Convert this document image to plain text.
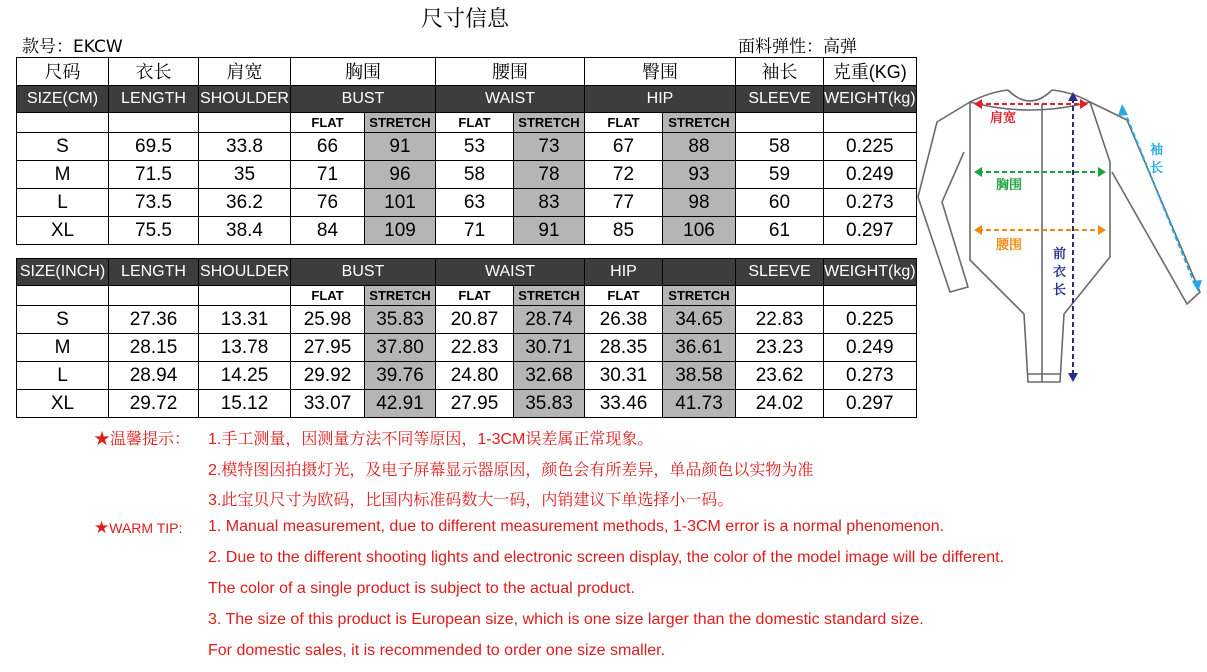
尺寸信息
款号：EKCW	面料弹性：高弹
尺码	衣长	肩宽	胸围		腰围		臀围		袖长	克重(KG)
SIZE(CM)	LENGTH	SHOULDER	BUST		WAIST		HIP		SLEEVE	WEIGHT(kg)
			FLAT	STRETCH	FLAT	STRETCH	FLAT	STRETCH		
S	69.5	33.8	66	91	53	73	67	88	58	0.225
M	71.5	35	71	96	58	78	72	93	59	0.249
L	73.5	36.2	76	101	63	83	77	98	60	0.273
XL	75.5	38.4	84	109	71	91	85	106	61	0.297
SIZE(INCH)	LENGTH	SHOULDER	BUST		WAIST		HIP		SLEEVE	WEIGHT(kg)
			FLAT	STRETCH	FLAT	STRETCH	FLAT	STRETCH		
S	27.36	13.31	25.98	35.83	20.87	28.74	26.38	34.65	22.83	0.225
M	28.15	13.78	27.95	37.80	22.83	30.71	28.35	36.61	23.23	0.249
L	28.94	14.25	29.92	39.76	24.80	32.68	30.31	38.58	23.62	0.273
XL	29.72	15.12	33.07	42.91	27.95	35.83	33.46	41.73	24.02	0.297
★温馨提示： 1.手工测量，因测量方法不同等原因，1-3CM误差属正常现象。
2.模特图因拍摄灯光，及电子屏幕显示器原因，颜色会有所差异，单品颜色以实物为准
3.此宝贝尺寸为欧码，比国内标准码数大一码，内销建议下单选择小一码。
★WARM TIP: 1. Manual measurement, due to different measurement methods, 1-3CM error is a normal phenomenon.
2. Due to the different shooting lights and electronic screen display, the color of the model image will be different.
The color of a single product is subject to the actual product.
3. The size of this product is European size, which is one size larger than the domestic standard size.
For domestic sales, it is recommended to order one size smaller.
肩宽
袖
长
胸围
腰围
前
衣
长
